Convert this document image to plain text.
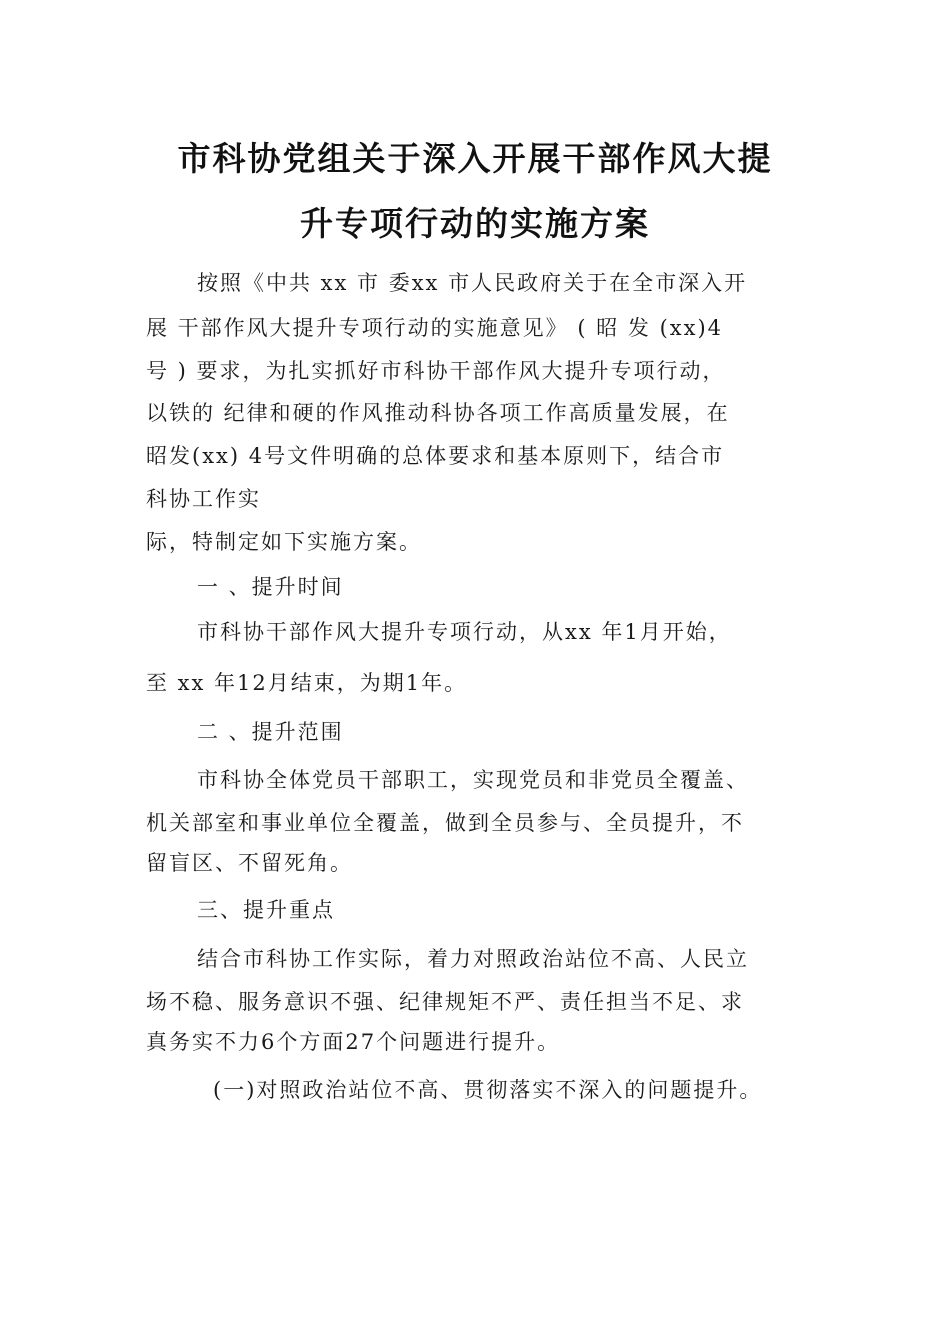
市科协党组关于深入开展干部作风大提
升专项行动的实施方案
按照《中共 xx 市 委xx 市人民政府关于在全市深入开
展 干部作风大提升专项行动的实施意见》 ( 昭 发 (xx)4
号 ) 要求，为扎实抓好市科协干部作风大提升专项行动，
以铁的 纪律和硬的作风推动科协各项工作高质量发展，在
昭发(xx) 4号文件明确的总体要求和基本原则下，结合市
科协工作实
际，特制定如下实施方案。
一 、提升时间
市科协干部作风大提升专项行动，从xx 年1月开始，
至 xx 年12月结束，为期1年。
二 、提升范围
市科协全体党员干部职工，实现党员和非党员全覆盖、
机关部室和事业单位全覆盖，做到全员参与、全员提升，不
留盲区、不留死角。
三、提升重点
结合市科协工作实际，着力对照政治站位不高、人民立
场不稳、服务意识不强、纪律规矩不严、责任担当不足、求
真务实不力6个方面27个问题进行提升。
(一)对照政治站位不高、贯彻落实不深入的问题提升。
